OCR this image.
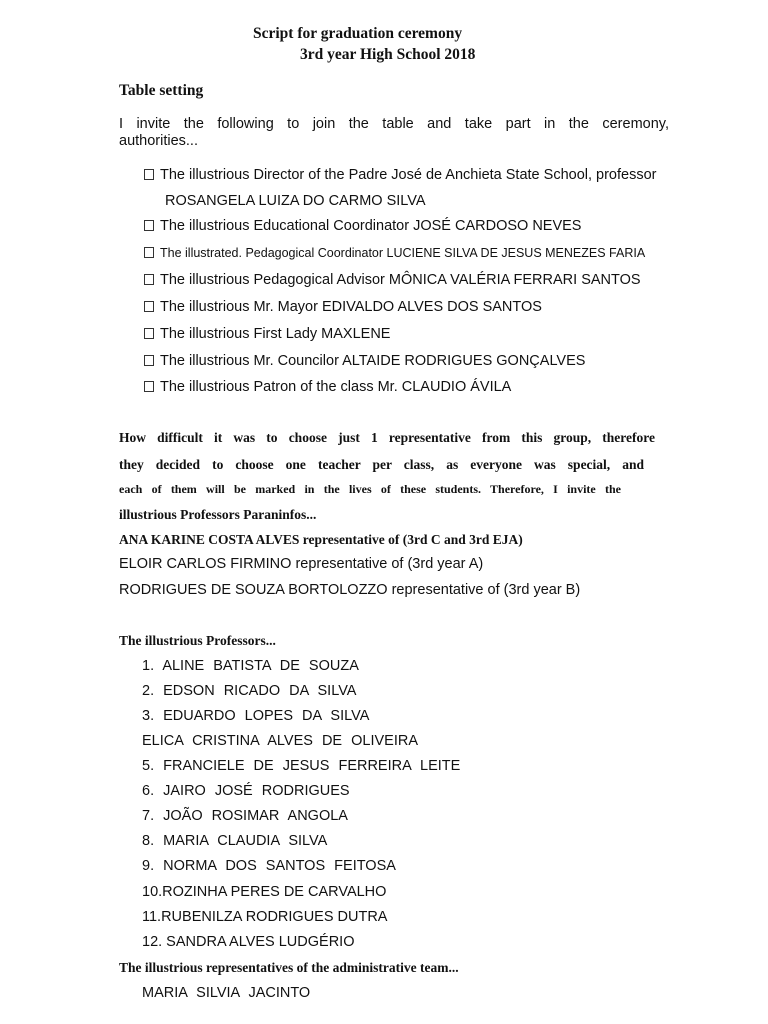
Script for graduation ceremony
3rd year High School 2018
Table setting
I invite the following to join the table and take part in the ceremony,
authorities...
The illustrious Director of the Padre José de Anchieta State School, professor
ROSANGELA LUIZA DO CARMO SILVA
The illustrious Educational Coordinator JOSÉ CARDOSO NEVES
The illustrated. Pedagogical Coordinator LUCIENE SILVA DE JESUS MENEZES FARIA
The illustrious Pedagogical Advisor MÔNICA VALÉRIA FERRARI SANTOS
The illustrious Mr. Mayor EDIVALDO ALVES DOS SANTOS
The illustrious First Lady MAXLENE
The illustrious Mr. Councilor ALTAIDE RODRIGUES GONÇALVES
The illustrious Patron of the class Mr. CLAUDIO ÁVILA
How difficult it was to choose just 1 representative from this group, therefore
they decided to choose one teacher per class, as everyone was special, and
each of them will be marked in the lives of these students. Therefore, I invite the
illustrious Professors Paraninfos...
ANA KARINE COSTA ALVES representative of (3rd C and 3rd EJA)
ELOIR CARLOS FIRMINO representative of (3rd year A)
RODRIGUES DE SOUZA BORTOLOZZO representative of (3rd year B)
The illustrious Professors...
1. ALINE BATISTA DE SOUZA
2. EDSON RICADO DA SILVA
3. EDUARDO LOPES DA SILVA
ELICA CRISTINA ALVES DE OLIVEIRA
5. FRANCIELE DE JESUS FERREIRA LEITE
6. JAIRO JOSÉ RODRIGUES
7. JOÃO ROSIMAR ANGOLA
8. MARIA CLAUDIA SILVA
9. NORMA DOS SANTOS FEITOSA
10.ROZINHA PERES DE CARVALHO
11.RUBENILZA RODRIGUES DUTRA
12. SANDRA ALVES LUDGÉRIO
The illustrious representatives of the administrative team...
MARIA SILVIA JACINTO
